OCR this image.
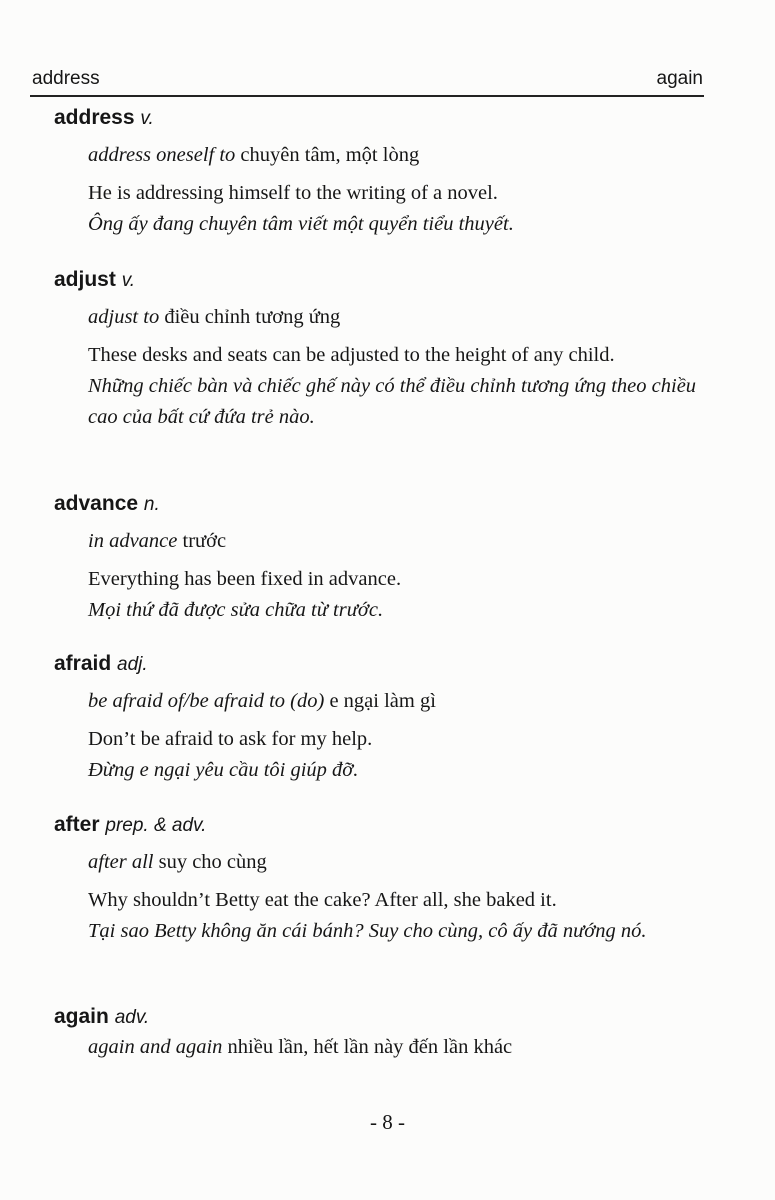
address	again
address v.
address oneself to chuyên tâm, một lòng
He is addressing himself to the writing of a novel.
Ông ấy đang chuyên tâm viết một quyển tiểu thuyết.
adjust v.
adjust to điều chỉnh tương ứng
These desks and seats can be adjusted to the height of any child.
Những chiếc bàn và chiếc ghế này có thể điều chỉnh tương ứng theo chiều cao của bất cứ đứa trẻ nào.
advance n.
in advance trước
Everything has been fixed in advance.
Mọi thứ đã được sửa chữa từ trước.
afraid adj.
be afraid of/be afraid to (do) e ngại làm gì
Don’t be afraid to ask for my help.
Đừng e ngại yêu cầu tôi giúp đỡ.
after prep. & adv.
after all suy cho cùng
Why shouldn’t Betty eat the cake? After all, she baked it.
Tại sao Betty không ăn cái bánh? Suy cho cùng, cô ấy đã nướng nó.
again adv.
again and again nhiều lần, hết lần này đến lần khác
- 8 -
